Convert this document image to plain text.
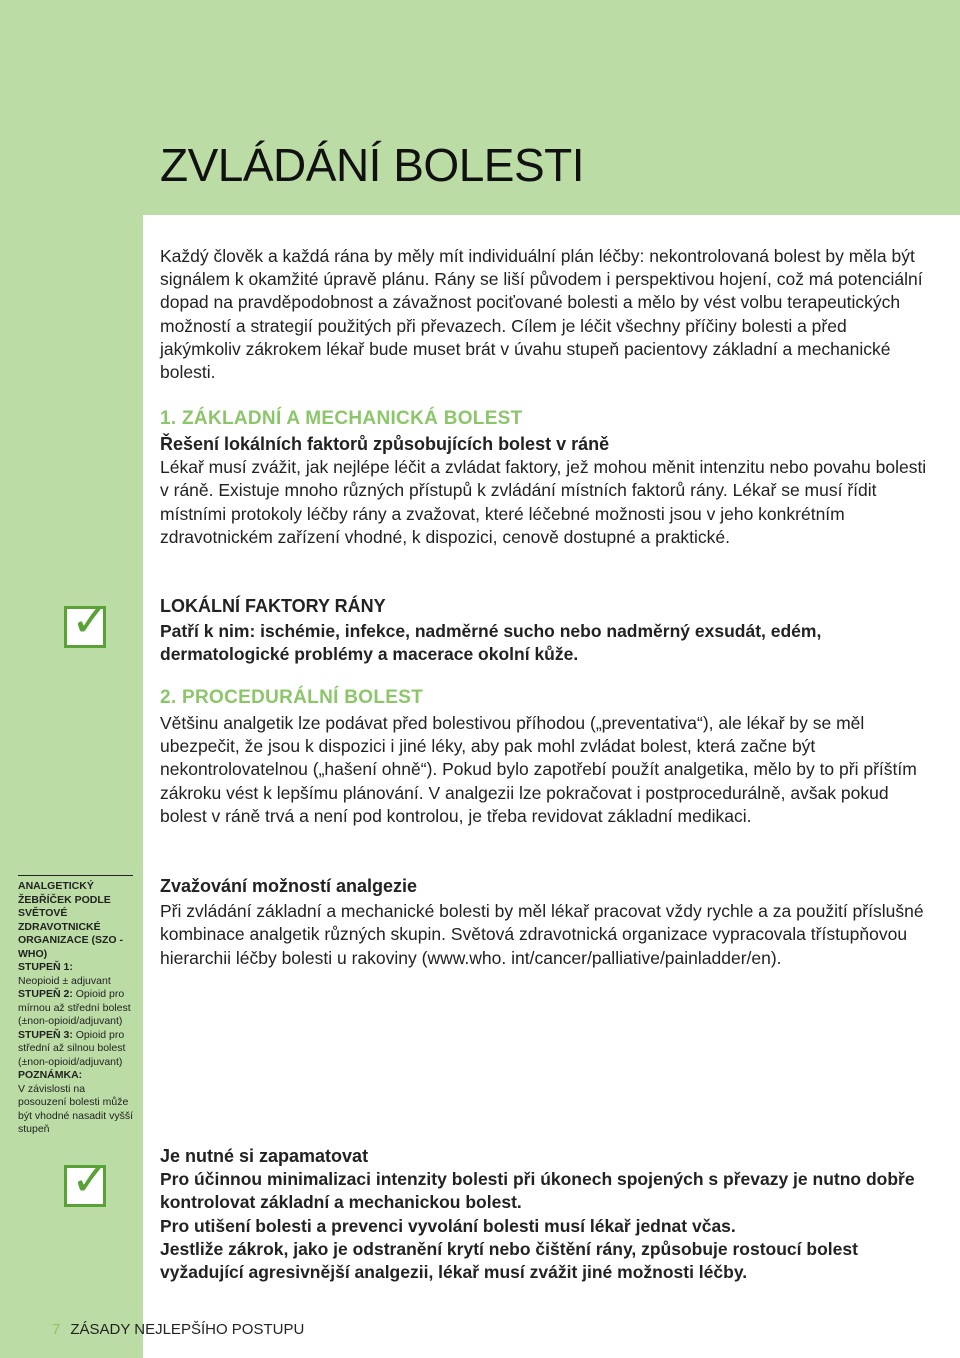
ZVLÁDÁNÍ BOLESTI

Každý člověk a každá rána by měly mít individuální plán léčby: nekontrolovaná bolest by měla být signálem k okamžité úpravě plánu. Rány se liší původem i perspektivou hojení, což má potenciální dopad na pravděpodobnost a závažnost pociťované bolesti a mělo by vést volbu terapeutických možností a strategií použitých při převazech. Cílem je léčit všechny příčiny bolesti a před jakýmkoliv zákrokem lékař bude muset brát v úvahu stupeň pacientovy základní a mechanické bolesti.

1. ZÁKLADNÍ A MECHANICKÁ BOLEST
Řešení lokálních faktorů způsobujících bolest v ráně

Lékař musí zvážit, jak nejlépe léčit a zvládat faktory, jež mohou měnit intenzitu nebo povahu bolesti v ráně. Existuje mnoho různých přístupů k zvládání místních faktorů rány. Lékař se musí řídit místními protokoly léčby rány a zvažovat, které léčebné možnosti jsou v jeho konkrétním zdravotnickém zařízení vhodné, k dispozici, cenově dostupné a praktické.

✓	LOKÁLNÍ FAKTORY RÁNY

Patří k nim: ischémie, infekce, nadměrné sucho nebo nadměrný exsudát, edém, dermatologické problémy a macerace okolní kůže.

2. PROCEDURÁLNÍ BOLEST

Většinu analgetik lze podávat před bolestivou příhodou („preventativa“), ale lékař by se měl ubezpečit, že jsou k dispozici i jiné léky, aby pak mohl zvládat bolest, která začne být nekontrolovatelnou („hašení ohně“). Pokud bylo zapotřebí použít analgetika, mělo by to při příštím zákroku vést k lepšímu plánování. V analgezii lze pokračovat i postprocedurálně, avšak pokud bolest v ráně trvá a není pod kontrolou, je třeba revidovat základní medikaci.

ANALGETICKÝ ŽEBŘÍČEK PODLE SVĚTOVÉ ZDRAVOTNICKÉ ORGANIZACE (SZO - WHO)
STUPEŇ 1:
Neopioid ± adjuvant
STUPEŇ 2: Opioid pro mírnou až střední bolest (±non-opioid/adjuvant)
STUPEŇ 3: Opioid pro střední až silnou bolest (±non-opioid/adjuvant)
POZNÁMKA:
V závislosti na posouzení bolesti může být vhodné nasadit vyšší stupeň
Zvažování možností analgezie

Při zvládání základní a mechanické bolesti by měl lékař pracovat vždy rychle a za použití příslušné kombinace analgetik různých skupin. Světová zdravotnická organizace vypracovala třístupňovou hierarchii léčby bolesti u rakoviny (www.who. int/cancer/palliative/painladder/en).

✓	Je nutné si zapamatovat

Pro účinnou minimalizaci intenzity bolesti při úkonech spojených s převazy je nutno dobře kontrolovat základní a mechanickou bolest.

Pro utišení bolesti a prevenci vyvolání bolesti musí lékař jednat včas.

Jestliže zákrok, jako je odstranění krytí nebo čištění rány, způsobuje rostoucí bolest vyžadující agresivnější analgezii, lékař musí zvážit jiné možnosti léčby.

7 ZÁSADY NEJLEPŠÍHO POSTUPU
